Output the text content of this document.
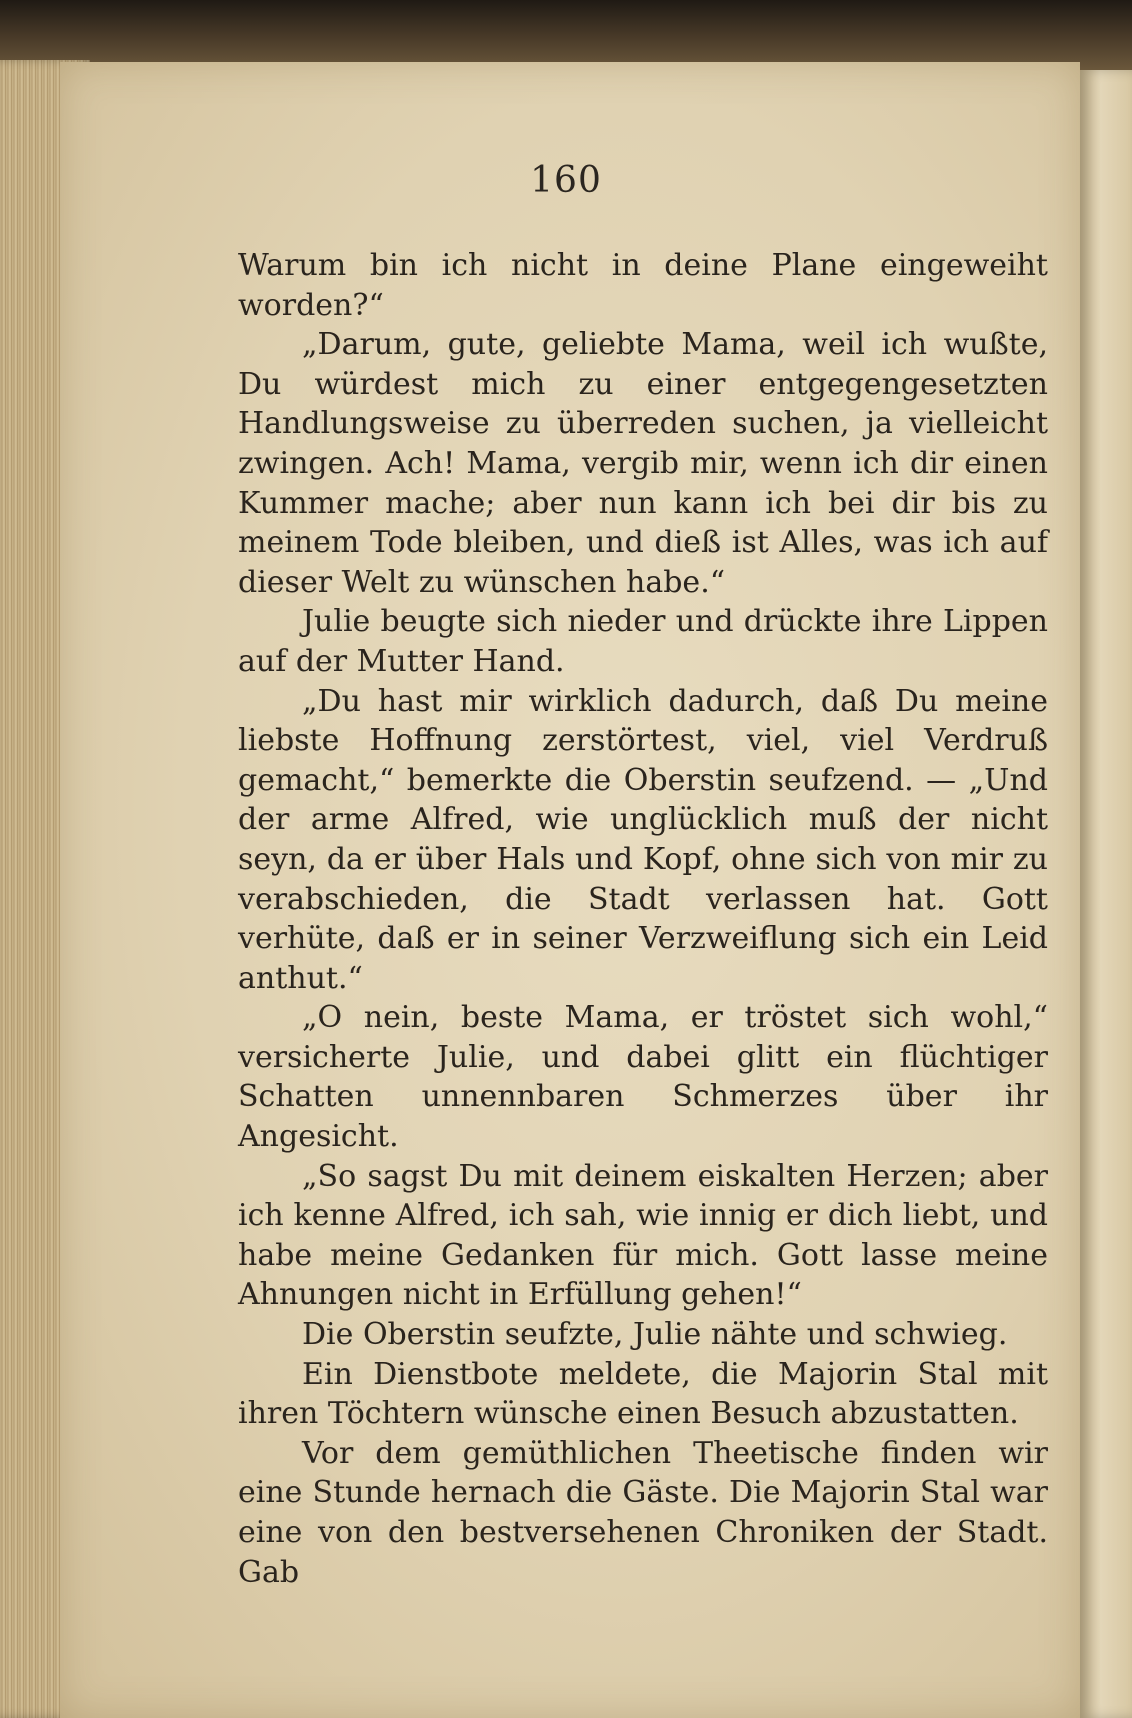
160

Warum bin ich nicht in deine Plane eingeweiht worden?“

„Darum, gute, geliebte Mama, weil ich wußte, Du würdest mich zu einer entgegengesetzten Handlungsweise zu überreden suchen, ja vielleicht zwingen. Ach! Mama, vergib mir, wenn ich dir einen Kummer mache; aber nun kann ich bei dir bis zu meinem Tode bleiben, und dieß ist Alles, was ich auf dieser Welt zu wünschen habe.“

Julie beugte sich nieder und drückte ihre Lippen auf der Mutter Hand.

„Du hast mir wirklich dadurch, daß Du meine liebste Hoffnung zerstörtest, viel, viel Verdruß gemacht,“ bemerkte die Oberstin seufzend. — „Und der arme Alfred, wie unglücklich muß der nicht seyn, da er über Hals und Kopf, ohne sich von mir zu verabschieden, die Stadt verlassen hat. Gott verhüte, daß er in seiner Verzweiflung sich ein Leid anthut.“

„O nein, beste Mama, er tröstet sich wohl,“ versicherte Julie, und dabei glitt ein flüchtiger Schatten unnennbaren Schmerzes über ihr Angesicht.

„So sagst Du mit deinem eiskalten Herzen; aber ich kenne Alfred, ich sah, wie innig er dich liebt, und habe meine Gedanken für mich. Gott lasse meine Ahnungen nicht in Erfüllung gehen!“

Die Oberstin seufzte, Julie nähte und schwieg.

Ein Dienstbote meldete, die Majorin Stal mit ihren Töchtern wünsche einen Besuch abzustatten.

Vor dem gemüthlichen Theetische finden wir eine Stunde hernach die Gäste. Die Majorin Stal war eine von den bestversehenen Chroniken der Stadt. Gab
